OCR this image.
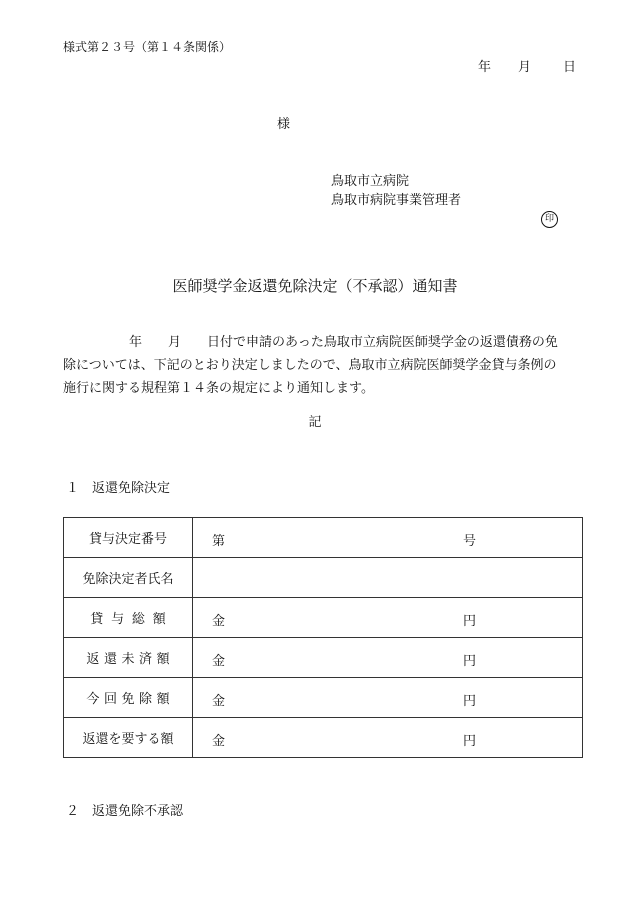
様式第２３号（第１４条関係）
年 月 日
様
鳥取市立病院
鳥取市病院事業管理者
印
医師奨学金返還免除決定（不承認）通知書
年　　月　　日付で申請のあった鳥取市立病院医師奨学金の返還債務の免
除については、下記のとおり決定しましたので、鳥取市立病院医師奨学金貸与条例の
施行に関する規程第１４条の規定により通知します。
記
１　返還免除決定
貸与決定番号	第 号

免除決定者氏名	

貸与総額	金 円

返還未済額	金 円

今回免除額	金 円

返還を要する額	金 円
２　返還免除不承認
